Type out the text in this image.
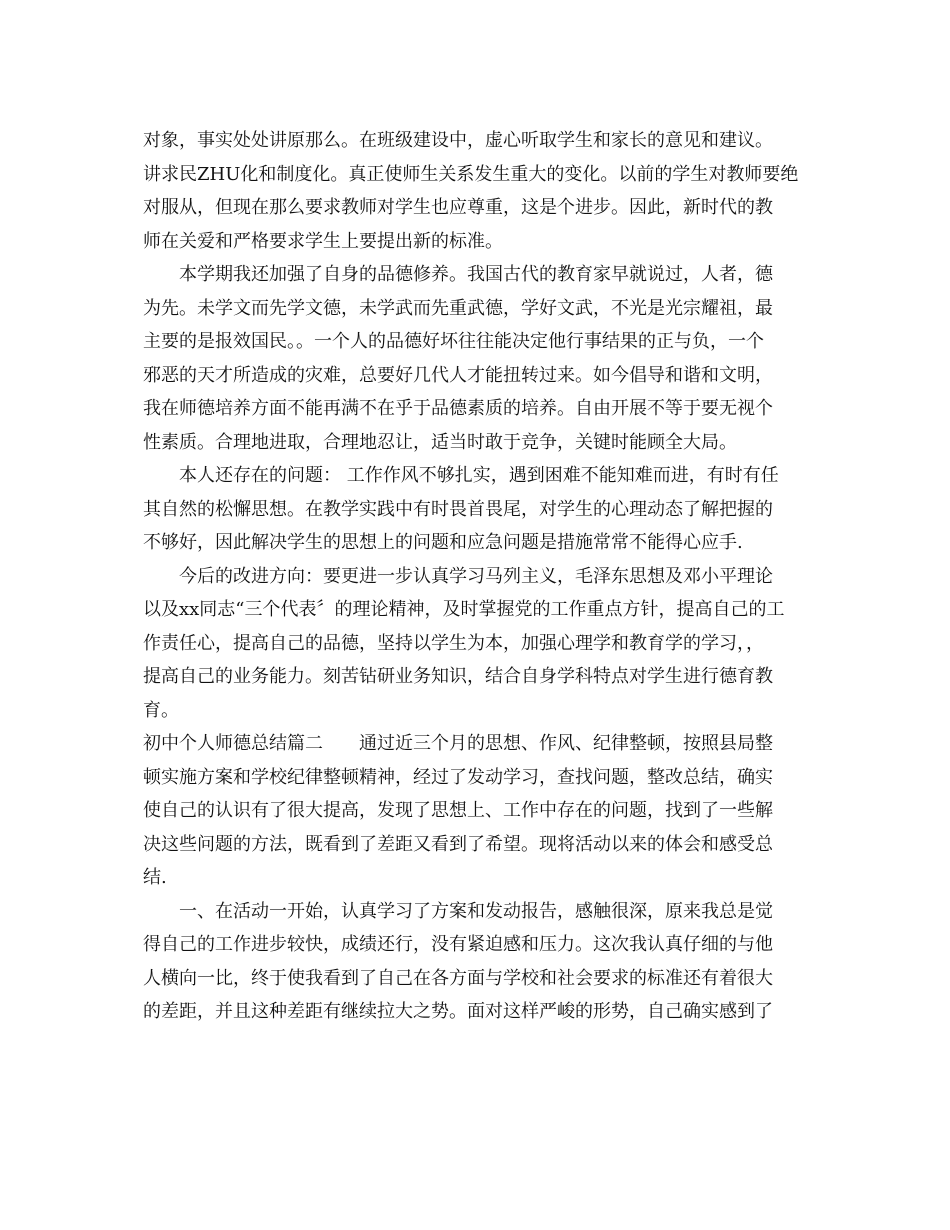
对象，事实处处讲原那么。在班级建设中，虚心听取学生和家长的意见和建议。
讲求民ZHU化和制度化。真正使师生关系发生重大的变化。以前的学生对教师要绝
对服从，但现在那么要求教师对学生也应尊重，这是个进步。因此，新时代的教
师在关爱和严格要求学生上要提出新的标准。
本学期我还加强了自身的品德修养。我国古代的教育家早就说过，人者，德
为先。未学文而先学文德，未学武而先重武德，学好文武，不光是光宗耀祖，最
主要的是报效国民。。一个人的品德好坏往往能决定他行事结果的正与负，一个
邪恶的天才所造成的灾难，总要好几代人才能扭转过来。如今倡导和谐和文明，
我在师德培养方面不能再满不在乎于品德素质的培养。自由开展不等于要无视个
性素质。合理地进取，合理地忍让，适当时敢于竞争，关键时能顾全大局。
本人还存在的问题： 工作作风不够扎实，遇到困难不能知难而进，有时有任
其自然的松懈思想。在教学实践中有时畏首畏尾，对学生的心理动态了解把握的
不够好，因此解决学生的思想上的问题和应急问题是措施常常不能得心应手.
今后的改进方向：要更进一步认真学习马列主义，毛泽东思想及邓小平理论
以及xx同志“三个代表〞的理论精神，及时掌握党的工作重点方针，提高自己的工
作责任心，提高自己的品德，坚持以学生为本，加强心理学和教育学的学习，，
提高自己的业务能力。刻苦钻研业务知识，结合自身学科特点对学生进行德育教
育。
初中个人师德总结篇二　　通过近三个月的思想、作风、纪律整顿，按照县局整
顿实施方案和学校纪律整顿精神，经过了发动学习，查找问题，整改总结，确实
使自己的认识有了很大提高，发现了思想上、工作中存在的问题，找到了一些解
决这些问题的方法，既看到了差距又看到了希望。现将活动以来的体会和感受总
结.
一、在活动一开始，认真学习了方案和发动报告，感触很深，原来我总是觉
得自己的工作进步较快，成绩还行，没有紧迫感和压力。这次我认真仔细的与他
人横向一比，终于使我看到了自己在各方面与学校和社会要求的标准还有着很大
的差距，并且这种差距有继续拉大之势。面对这样严峻的形势，自己确实感到了
